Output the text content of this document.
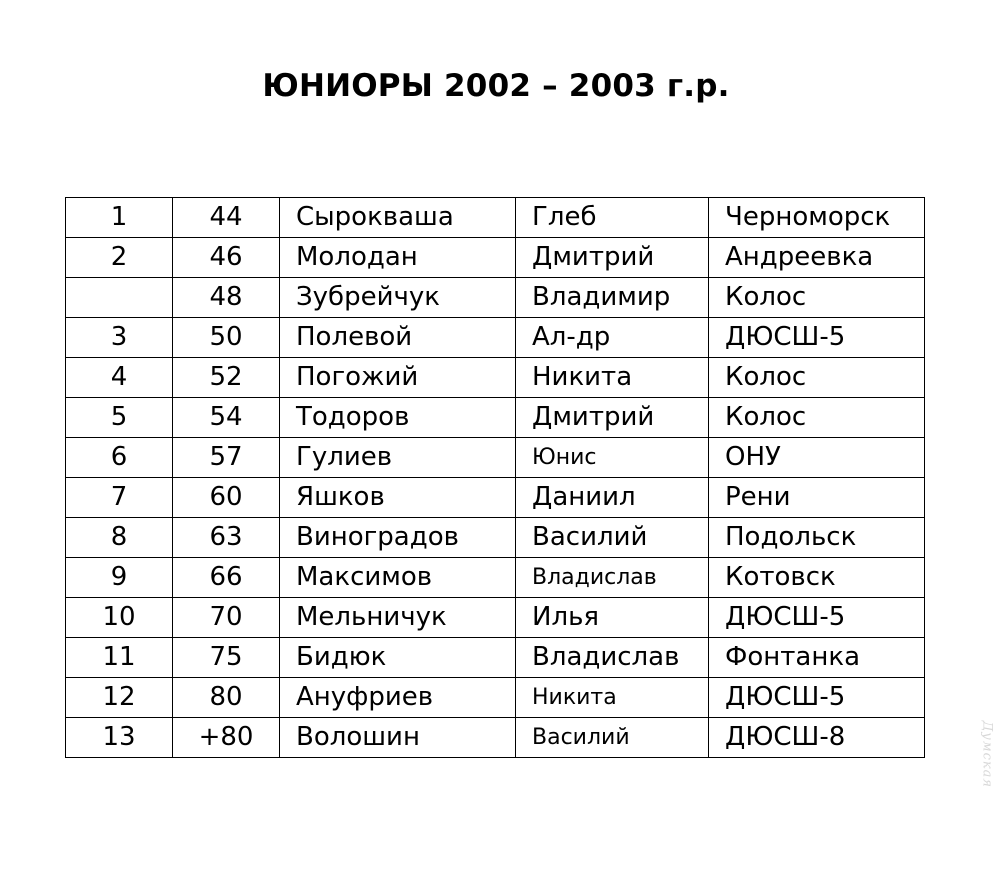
ЮНИОРЫ 2002 – 2003 г.р.
1	44	Сырокваша	Глеб	Черноморск
2	46	Молодан	Дмитрий	Андреевка
	48	Зубрейчук	Владимир	Колос
3	50	Полевой	Ал-др	ДЮСШ-5
4	52	Погожий	Никита	Колос
5	54	Тодоров	Дмитрий	Колос
6	57	Гулиев	Юнис	ОНУ
7	60	Яшков	Даниил	Рени
8	63	Виноградов	Василий	Подольск
9	66	Максимов	Владислав	Котовск
10	70	Мельничук	Илья	ДЮСШ-5
11	75	Бидюк	Владислав	Фонтанка
12	80	Ануфриев	Никита	ДЮСШ-5
13	+80	Волошин	Василий	ДЮСШ-8	Думская
